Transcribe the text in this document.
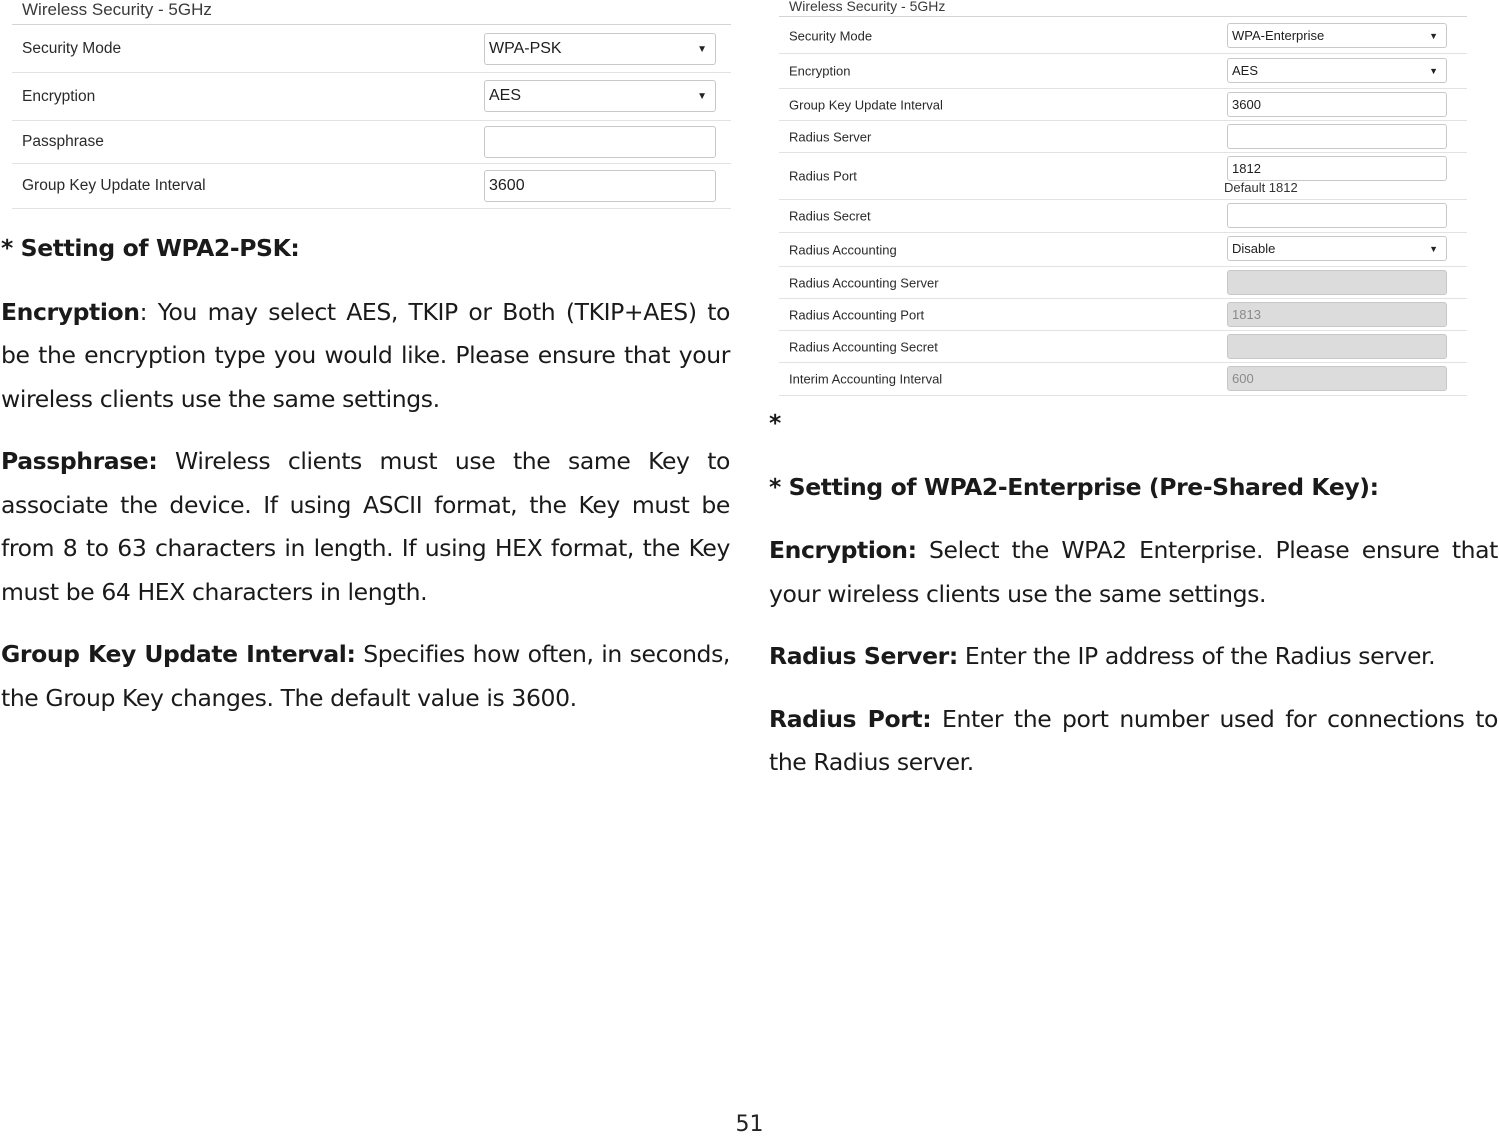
Wireless Security - 5GHz
Security Mode	WPA-PSK	▼
Encryption	AES	▼
Passphrase
Group Key Update Interval	3600
Wireless Security - 5GHz
Security Mode	WPA-Enterprise	▼
Encryption	AES	▼
Group Key Update Interval	3600
Radius Server
Radius Port	1812
Default 1812
Radius Secret
Radius Accounting	Disable	▼
Radius Accounting Server
Radius Accounting Port	1813
Radius Accounting Secret
Interim Accounting Interval	600

* Setting of WPA2-PSK:

Encryption: You may select AES, TKIP or Both (TKIP+AES) to be the encryption type you would like. Please ensure that your wireless clients use the same settings.

Passphrase: Wireless clients must use the same Key to associate the device. If using ASCII format, the Key must be from 8 to 63 characters in length. If using HEX format, the Key must be 64 HEX characters in length.

Group Key Update Interval: Specifies how often, in seconds, the Group Key changes. The default value is 3600.

*

* Setting of WPA2-Enterprise (Pre-Shared Key):

Encryption: Select the WPA2 Enterprise. Please ensure that your wireless clients use the same settings.

Radius Server: Enter the IP address of the Radius server.

Radius Port: Enter the port number used for connections to the Radius server.

51
